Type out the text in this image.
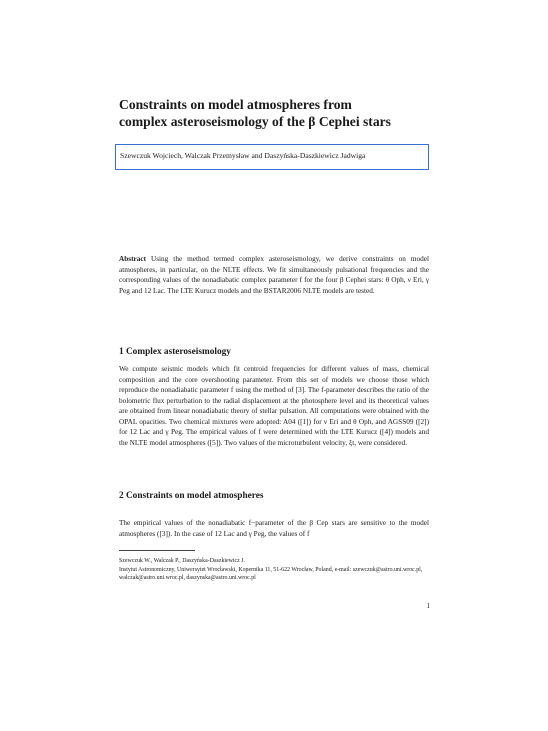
Constraints on model atmospheres from
complex asteroseismology of the β Cephei stars
Szewczuk Wojciech, Walczak Przemysław and Daszyńska-Daszkiewicz Jadwiga

Abstract Using the method termed complex asteroseismology, we derive constraints on model atmospheres, in particular, on the NLTE effects. We fit simultaneously pulsational frequencies and the corresponding values of the nonadiabatic complex parameter f for the four β Cephei stars: θ Oph, ν Eri, γ Peg and 12 Lac. The LTE Kurucz models and the BSTAR2006 NLTE models are tested.

1 Complex asteroseismology

We compute seismic models which fit centroid frequencies for different values of mass, chemical composition and the core overshooting parameter. From this set of models we choose those which reproduce the nonadiabatic parameter f using the method of [3]. The f-parameter describes the ratio of the bolometric flux perturbation to the radial displacement at the photosphere level and its theoretical values are obtained from linear nonadiabatic theory of stellar pulsation. All computations were obtained with the OPAL opacities. Two chemical mixtures were adopted: A04 ([1]) for ν Eri and θ Oph, and AGSS09 ([2]) for 12 Lac and γ Peg. The empirical values of f were determined with the LTE Kurucz ([4]) models and the NLTE model atmospheres ([5]). Two values of the microturbulent velocity, ξt, were considered.

2 Constraints on model atmospheres

The empirical values of the nonadiabatic f−parameter of the β Cep stars are sensitive to the model atmospheres ([3]). In the case of 12 Lac and γ Peg, the values of f

Szewczuk W., Walczak P., Daszyńska-Daszkiewicz J.
Instytut Astronomiczny, Uniwersytet Wrocławski, Kopernika 11, 51-622 Wrocław, Poland, e-mail: szewczuk@astro.uni.wroc.pl, walczak@astro.uni.wroc.pl, daszynska@astro.uni.wroc.pl

1
